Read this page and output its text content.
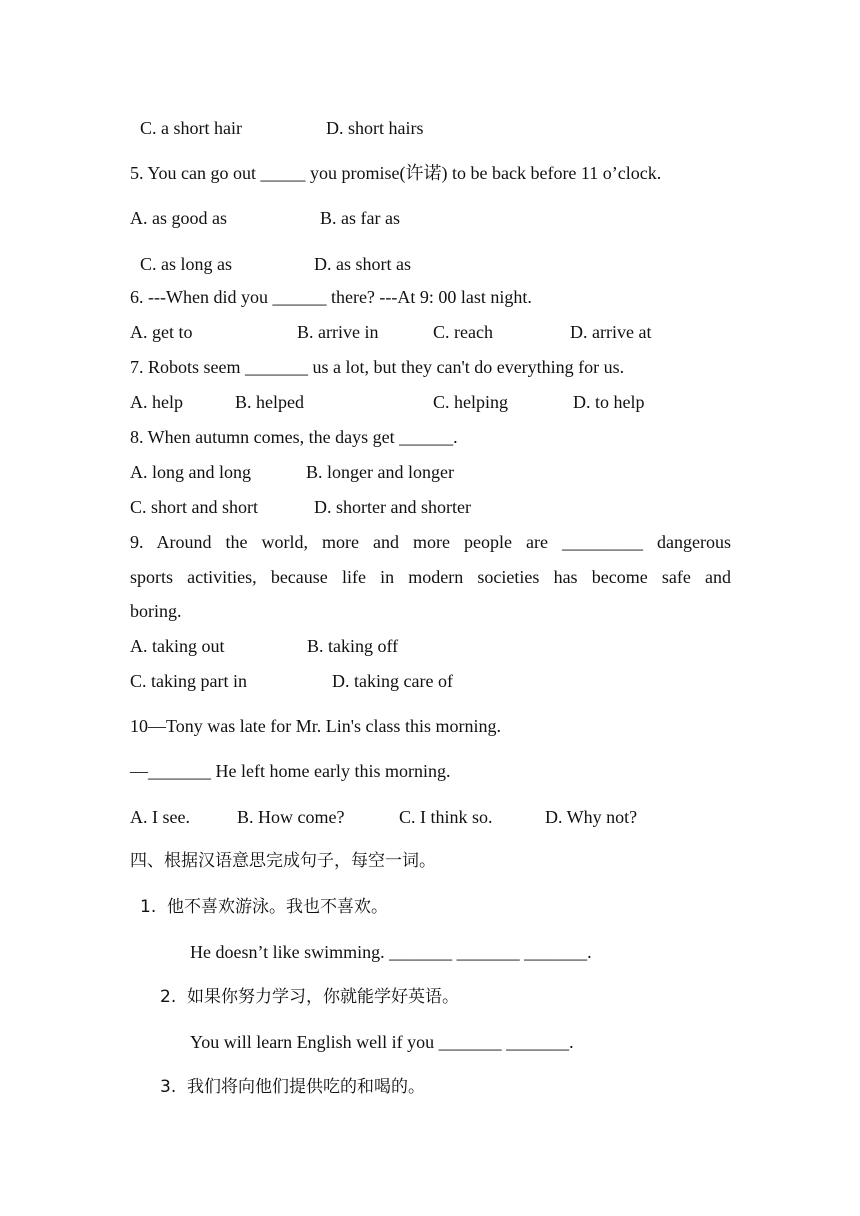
C. a short hair	D. short hairs
5. You can go out _____ you promise(许诺) to be back before 11 o’clock.
A. as good as	B. as far as
C. as long as	D. as short as
6. ---When did you ______ there? ---At 9: 00 last night.
A. get to	B. arrive in	C. reach	D. arrive at
7. Robots seem _______ us a lot, but they can't do everything for us.
A. help	B. helped	C. helping	D. to help
8. When autumn comes, the days get ______.
A. long and long	B. longer and longer
C. short and short	D. shorter and shorter
9. Around the world, more and more people are _________ dangerous
sports activities, because life in modern societies has become safe and
boring.
A. taking out	B. taking off
C. taking part in	D. taking care of
10—Tony was late for Mr. Lin's class this morning.
—_______ He left home early this morning.
A. I see.	B. How come?	C. I think so.	D. Why not?
四、根据汉语意思完成句子，每空一词。
1.  他不喜欢游泳。我也不喜欢。
He doesn’t like swimming. _______ _______ _______.
2.  如果你努力学习，你就能学好英语。
You will learn English well if you _______ _______.
3.  我们将向他们提供吃的和喝的。
